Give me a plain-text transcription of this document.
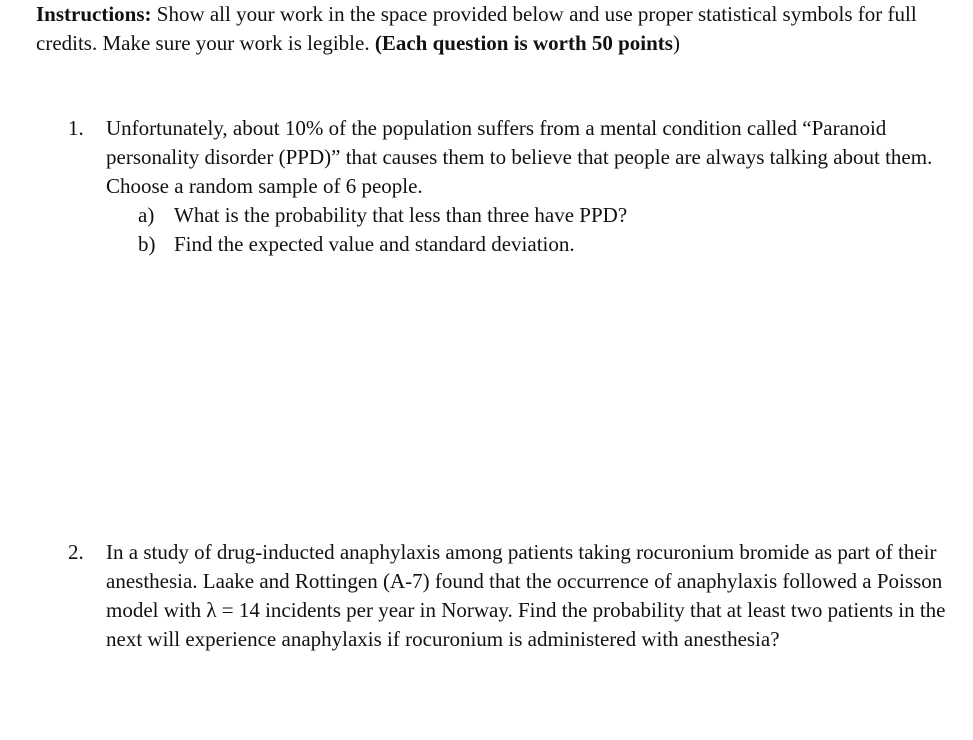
Instructions: Show all your work in the space provided below and use proper statistical symbols for full credits. Make sure your work is legible. (Each question is worth 50 points)
1.	Unfortunately, about 10% of the population suffers from a mental condition called “Paranoid personality disorder (PPD)” that causes them to believe that people are always talking about them. Choose a random sample of 6 people.
a) What is the probability that less than three have PPD?
b) Find the expected value and standard deviation.
2.	In a study of drug-inducted anaphylaxis among patients taking rocuronium bromide as part of their anesthesia. Laake and Rottingen (A-7) found that the occurrence of anaphylaxis followed a Poisson model with λ = 14 incidents per year in Norway. Find the probability that at least two patients in the next will experience anaphylaxis if rocuronium is administered with anesthesia?
